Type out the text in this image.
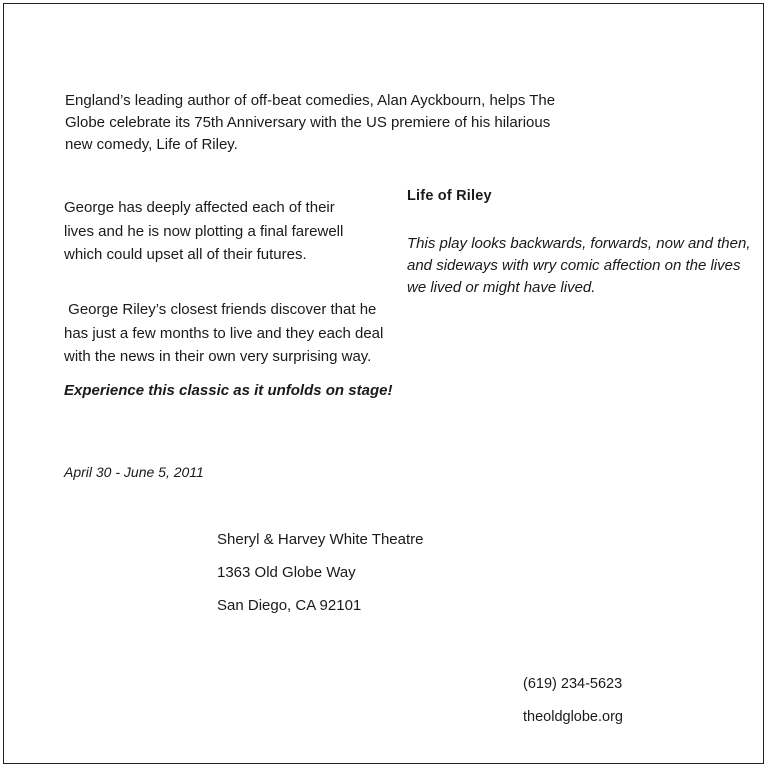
England’s leading author of off-beat comedies, Alan Ayckbourn, helps The Globe celebrate its 75th Anniversary with the US premiere of his hilarious new comedy, Life of Riley.

George has deeply affected each of their lives and he is now plotting a final farewell which could upset all of their futures.

George Riley’s closest friends discover that he has just a few months to live and they each deal with the news in their own very surprising way.

Experience this classic as it unfolds on stage!

April 30 - June 5, 2011

Life of Riley

This play looks backwards, forwards, now and then, and sideways with wry comic affection on the lives we lived or might have lived.

Sheryl & Harvey White Theatre

1363 Old Globe Way

San Diego, CA 92101

(619) 234-5623

theoldglobe.org
